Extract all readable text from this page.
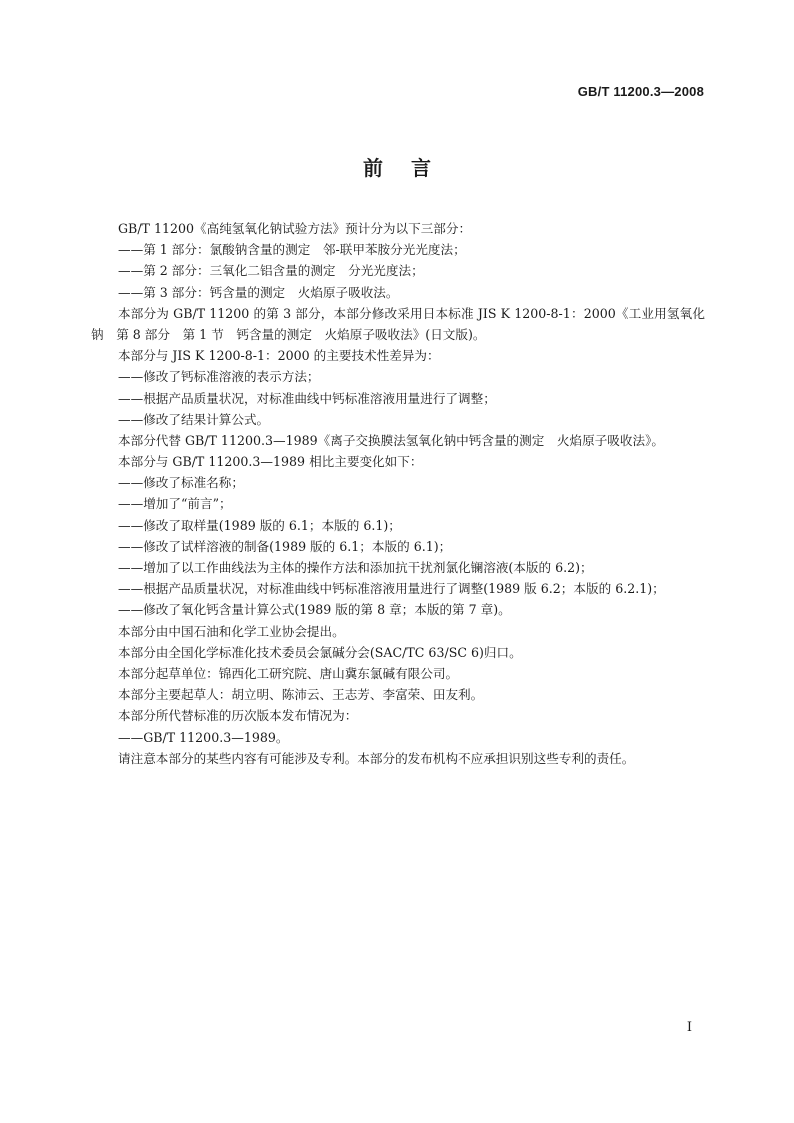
GB/T 11200.3—2008
前言
GB/T 11200《高纯氢氧化钠试验方法》预计分为以下三部分：
——第 1 部分：氯酸钠含量的测定　邻-联甲苯胺分光光度法；
——第 2 部分：三氧化二铝含量的测定　分光光度法；
——第 3 部分：钙含量的测定　火焰原子吸收法。
本部分为 GB/T 11200 的第 3 部分，本部分修改采用日本标准 JIS K 1200-8-1：2000《工业用氢氧化
钠　第 8 部分　第 1 节　钙含量的测定　火焰原子吸收法》(日文版)。
本部分与 JIS K 1200-8-1：2000 的主要技术性差异为：
——修改了钙标准溶液的表示方法；
——根据产品质量状况，对标准曲线中钙标准溶液用量进行了调整；
——修改了结果计算公式。
本部分代替 GB/T 11200.3—1989《离子交换膜法氢氧化钠中钙含量的测定　火焰原子吸收法》。
本部分与 GB/T 11200.3—1989 相比主要变化如下：
——修改了标准名称；
——增加了“前言”；
——修改了取样量(1989 版的 6.1；本版的 6.1)；
——修改了试样溶液的制备(1989 版的 6.1；本版的 6.1)；
——增加了以工作曲线法为主体的操作方法和添加抗干扰剂氯化镧溶液(本版的 6.2)；
——根据产品质量状况，对标准曲线中钙标准溶液用量进行了调整(1989 版 6.2；本版的 6.2.1)；
——修改了氧化钙含量计算公式(1989 版的第 8 章；本版的第 7 章)。
本部分由中国石油和化学工业协会提出。
本部分由全国化学标准化技术委员会氯碱分会(SAC/TC 63/SC 6)归口。
本部分起草单位：锦西化工研究院、唐山冀东氯碱有限公司。
本部分主要起草人：胡立明、陈沛云、王志芳、李富荣、田友利。
本部分所代替标准的历次版本发布情况为：
——GB/T 11200.3—1989。
请注意本部分的某些内容有可能涉及专利。本部分的发布机构不应承担识别这些专利的责任。
I
